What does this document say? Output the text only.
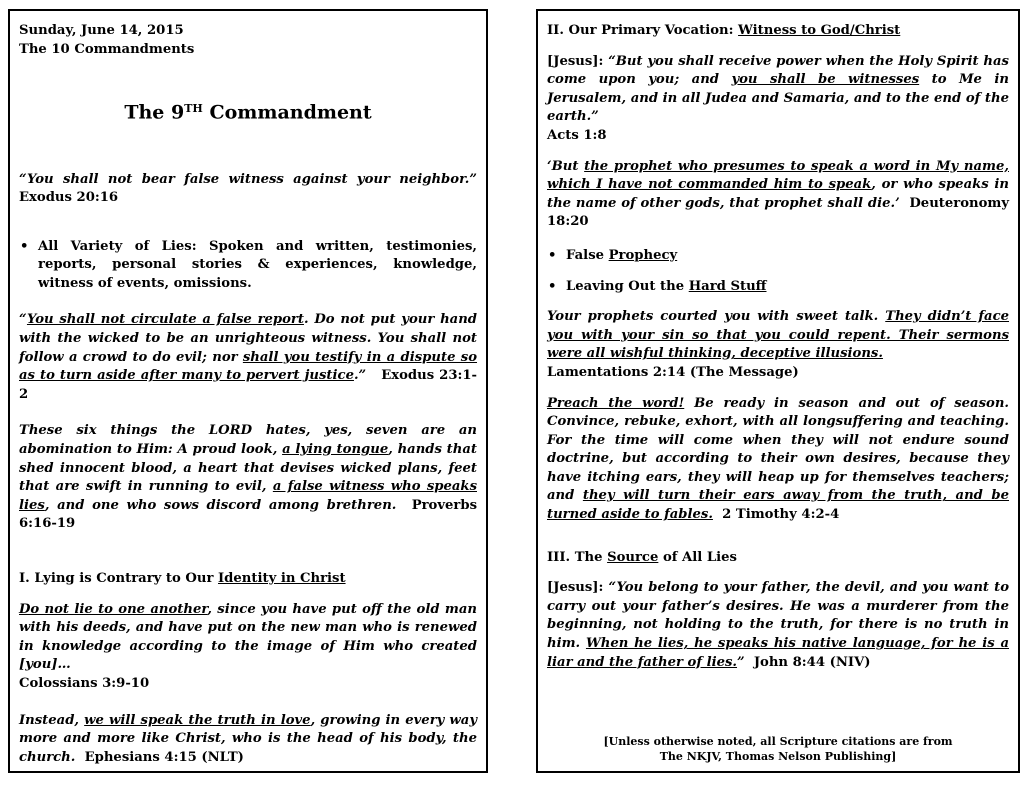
Sunday, June 14, 2015

The 10 Commandments

The 9TH Commandment

“You shall not bear false witness against your neighbor.” Exodus 20:16

• All Variety of Lies: Spoken and written, testimonies, reports, personal stories & experiences, knowledge, witness of events, omissions.

“You shall not circulate a false report. Do not put your hand with the wicked to be an unrighteous witness. You shall not follow a crowd to do evil; nor shall you testify in a dispute so as to turn aside after many to pervert justice.” Exodus 23:1-2

These six things the LORD hates, yes, seven are an abomination to Him: A proud look, a lying tongue, hands that shed innocent blood, a heart that devises wicked plans, feet that are swift in running to evil, a false witness who speaks lies, and one who sows discord among brethren. Proverbs 6:16-19

I. Lying is Contrary to Our Identity in Christ

Do not lie to one another, since you have put off the old man with his deeds, and have put on the new man who is renewed in knowledge according to the image of Him who created [you]…
Colossians 3:9-10

Instead, we will speak the truth in love, growing in every way more and more like Christ, who is the head of his body, the church. Ephesians 4:15 (NLT)

II. Our Primary Vocation: Witness to God/Christ

[Jesus]: “But you shall receive power when the Holy Spirit has come upon you; and you shall be witnesses to Me in Jerusalem, and in all Judea and Samaria, and to the end of the earth.”
Acts 1:8

‘But the prophet who presumes to speak a word in My name, which I have not commanded him to speak, or who speaks in the name of other gods, that prophet shall die.’ Deuteronomy 18:20

• False Prophecy
• Leaving Out the Hard Stuff

Your prophets courted you with sweet talk. They didn’t face you with your sin so that you could repent. Their sermons were all wishful thinking, deceptive illusions.
Lamentations 2:14 (The Message)

Preach the word! Be ready in season and out of season. Convince, rebuke, exhort, with all longsuffering and teaching. For the time will come when they will not endure sound doctrine, but according to their own desires, because they have itching ears, they will heap up for themselves teachers; and they will turn their ears away from the truth, and be turned aside to fables. 2 Timothy 4:2-4

III. The Source of All Lies

[Jesus]: “You belong to your father, the devil, and you want to carry out your father’s desires. He was a murderer from the beginning, not holding to the truth, for there is no truth in him. When he lies, he speaks his native language, for he is a liar and the father of lies.” John 8:44 (NIV)

[Unless otherwise noted, all Scripture citations are from

The NKJV, Thomas Nelson Publishing]
